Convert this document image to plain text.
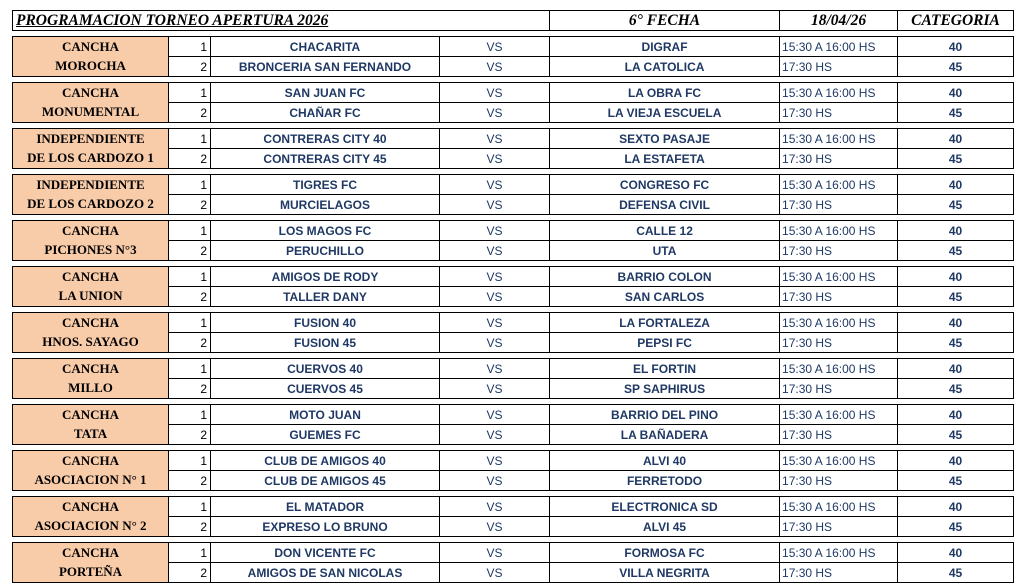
PROGRAMACION TORNEO APERTURA 2026				6° FECHA	18/04/26	CATEGORIA

CANCHA	1	CHACARITA	VS	DIGRAF	15:30 A 16:00 HS	40
MOROCHA	2	BRONCERIA SAN FERNANDO	VS	LA CATOLICA	17:30 HS	45

CANCHA	1	SAN JUAN FC	VS	LA OBRA FC	15:30 A 16:00 HS	40
MONUMENTAL	2	CHAÑAR FC	VS	LA VIEJA ESCUELA	17:30 HS	45

INDEPENDIENTE	1	CONTRERAS CITY 40	VS	SEXTO PASAJE	15:30 A 16:00 HS	40
DE LOS CARDOZO 1	2	CONTRERAS CITY 45	VS	LA ESTAFETA	17:30 HS	45

INDEPENDIENTE	1	TIGRES FC	VS	CONGRESO FC	15:30 A 16:00 HS	40
DE LOS CARDOZO 2	2	MURCIELAGOS	VS	DEFENSA CIVIL	17:30 HS	45

CANCHA	1	LOS MAGOS FC	VS	CALLE 12	15:30 A 16:00 HS	40
PICHONES N°3	2	PERUCHILLO	VS	UTA	17:30 HS	45

CANCHA	1	AMIGOS DE RODY	VS	BARRIO COLON	15:30 A 16:00 HS	40
LA UNION	2	TALLER DANY	VS	SAN CARLOS	17:30 HS	45

CANCHA	1	FUSION 40	VS	LA FORTALEZA	15:30 A 16:00 HS	40
HNOS. SAYAGO	2	FUSION 45	VS	PEPSI FC	17:30 HS	45

CANCHA	1	CUERVOS 40	VS	EL FORTIN	15:30 A 16:00 HS	40
MILLO	2	CUERVOS 45	VS	SP SAPHIRUS	17:30 HS	45

CANCHA	1	MOTO JUAN	VS	BARRIO DEL PINO	15:30 A 16:00 HS	40
TATA	2	GUEMES FC	VS	LA BAÑADERA	17:30 HS	45

CANCHA	1	CLUB DE AMIGOS 40	VS	ALVI 40	15:30 A 16:00 HS	40
ASOCIACION N° 1	2	CLUB DE AMIGOS 45	VS	FERRETODO	17:30 HS	45

CANCHA	1	EL MATADOR	VS	ELECTRONICA SD	15:30 A 16:00 HS	40
ASOCIACION N° 2	2	EXPRESO LO BRUNO	VS	ALVI 45	17:30 HS	45

CANCHA	1	DON VICENTE FC	VS	FORMOSA FC	15:30 A 16:00 HS	40
PORTEÑA	2	AMIGOS DE SAN NICOLAS	VS	VILLA NEGRITA	17:30 HS	45
